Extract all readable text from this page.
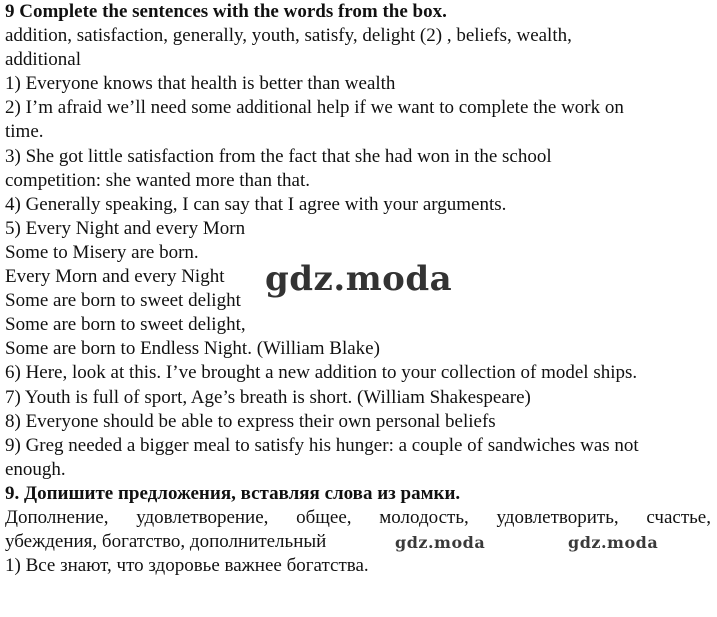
9 Complete the sentences with the words from the box.
addition, satisfaction, generally, youth, satisfy, delight (2) , beliefs, wealth,
additional
1) Everyone knows that health is better than wealth
2) I’m afraid we’ll need some additional help if we want to complete the work on
time.
3) She got little satisfaction from the fact that she had won in the school
competition: she wanted more than that.
4) Generally speaking, I can say that I agree with your arguments.
5) Every Night and every Morn
Some to Misery are born.
Every Morn and every Night
Some are born to sweet delight
Some are born to sweet delight,
Some are born to Endless Night. (William Blake)
6) Here, look at this. I’ve brought a new addition to your collection of model ships.
7) Youth is full of sport, Age’s breath is short. (William Shakespeare)
8) Everyone should be able to express their own personal beliefs
9) Greg needed a bigger meal to satisfy his hunger: a couple of sandwiches was not
enough.
9. Допишите предложения, вставляя слова из рамки.
Дополнение, удовлетворение, общее, молодость, удовлетворить, счастье,
убеждения, богатство, дополнительный
1) Все знают, что здоровье важнее богатства.
gdz.moda
gdz.moda	gdz.moda
